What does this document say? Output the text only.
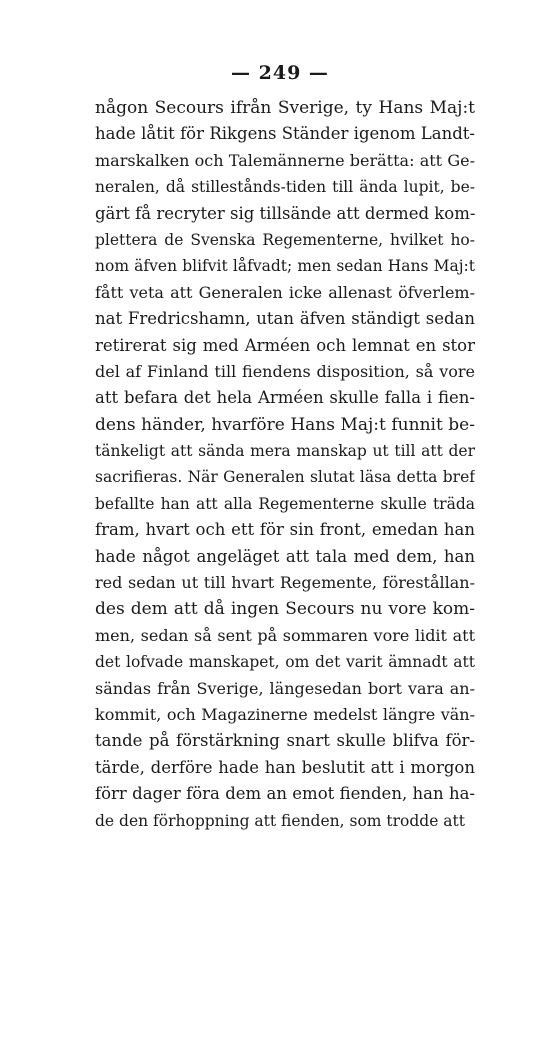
— 249 —
någon Secours ifrån Sverige, ty Hans Maj:t
hade låtit för Rikgens Ständer igenom Landt-
marskalken och Talemännerne berätta: att Ge-
neralen, då stillestånds-tiden till ända lupit, be-
gärt få recryter sig tillsände att dermed kom-
plettera de Svenska Regementerne, hvilket ho-
nom äfven blifvit låfvadt; men sedan Hans Maj:t
fått veta att Generalen icke allenast öfverlem-
nat Fredricshamn, utan äfven ständigt sedan
retirerat sig med Arméen och lemnat en stor
del af Finland till fiendens disposition, så vore
att befara det hela Arméen skulle falla i fien-
dens händer, hvarföre Hans Maj:t funnit be-
tänkeligt att sända mera manskap ut till att der
sacrifieras. När Generalen slutat läsa detta bref
befallte han att alla Regementerne skulle träda
fram, hvart och ett för sin front, emedan han
hade något angeläget att tala med dem, han
red sedan ut till hvart Regemente, förestållan-
des dem att då ingen Secours nu vore kom-
men, sedan så sent på sommaren vore lidit att
det lofvade manskapet, om det varit ämnadt att
sändas från Sverige, längesedan bort vara an-
kommit, och Magazinerne medelst längre vän-
tande på förstärkning snart skulle blifva för-
tärde, derföre hade han beslutit att i morgon
förr dager föra dem an emot fienden, han ha-
de den förhoppning att fienden, som trodde att
